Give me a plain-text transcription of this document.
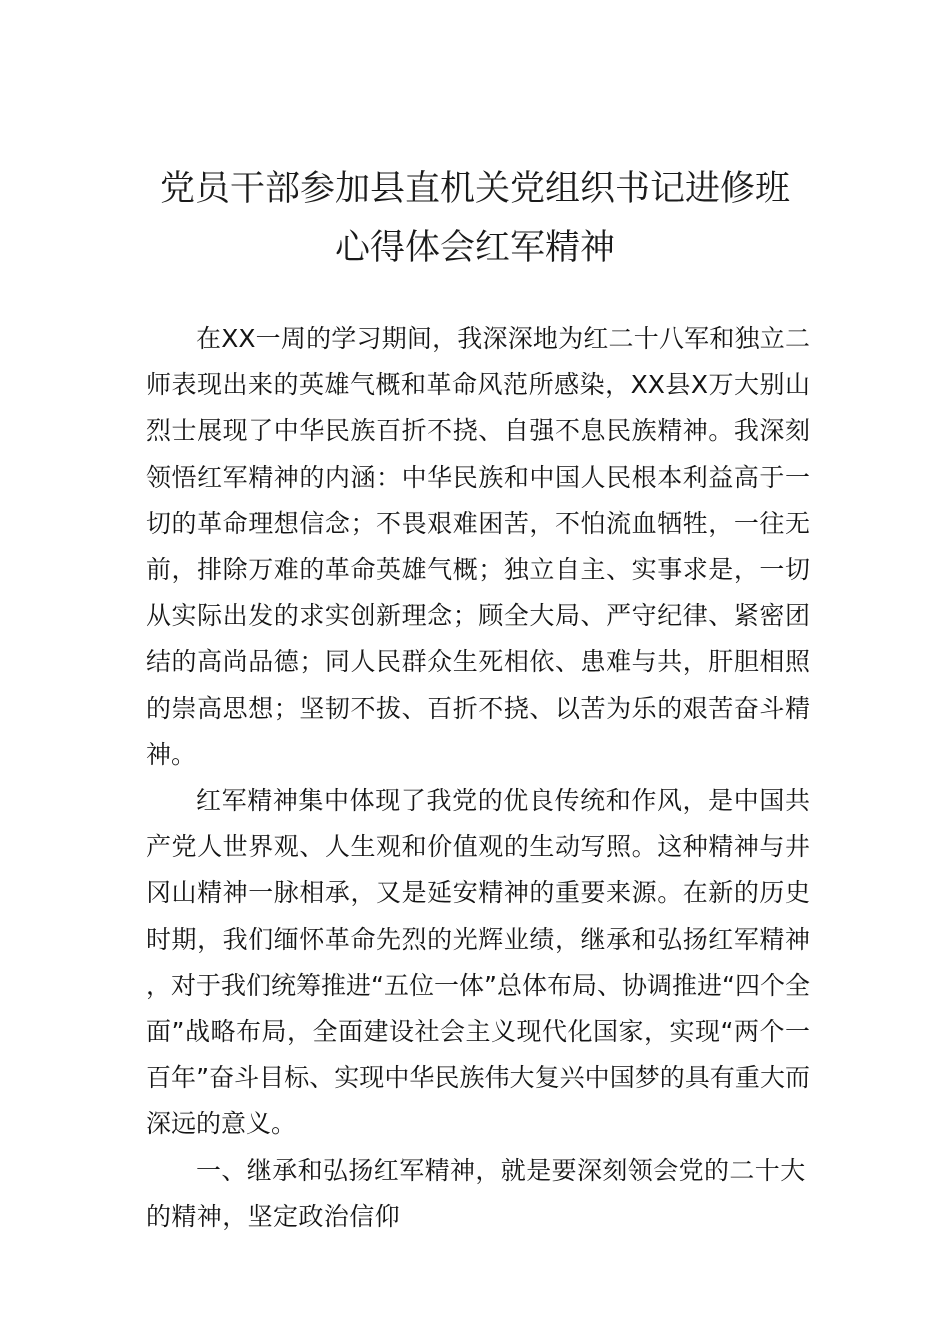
党员干部参加县直机关党组织书记进修班
心得体会红军精神

在XX一周的学习期间，我深深地为红二十八军和独立二师表现出来的英雄气概和革命风范所感染，XX县X万大别山烈士展现了中华民族百折不挠、自强不息民族精神。我深刻领悟红军精神的内涵：中华民族和中国人民根本利益高于一切的革命理想信念；不畏艰难困苦，不怕流血牺牲，一往无前，排除万难的革命英雄气概；独立自主、实事求是，一切从实际出发的求实创新理念；顾全大局、严守纪律、紧密团结的高尚品德；同人民群众生死相依、患难与共，肝胆相照的崇高思想；坚韧不拔、百折不挠、以苦为乐的艰苦奋斗精神。

红军精神集中体现了我党的优良传统和作风，是中国共产党人世界观、人生观和价值观的生动写照。这种精神与井冈山精神一脉相承，又是延安精神的重要来源。在新的历史时期，我们缅怀革命先烈的光辉业绩，继承和弘扬红军精神，对于我们统筹推进“五位一体”总体布局、协调推进“四个全面”战略布局，全面建设社会主义现代化国家，实现“两个一百年”奋斗目标、实现中华民族伟大复兴中国梦的具有重大而深远的意义。

一、继承和弘扬红军精神，就是要深刻领会党的二十大的精神，坚定政治信仰
